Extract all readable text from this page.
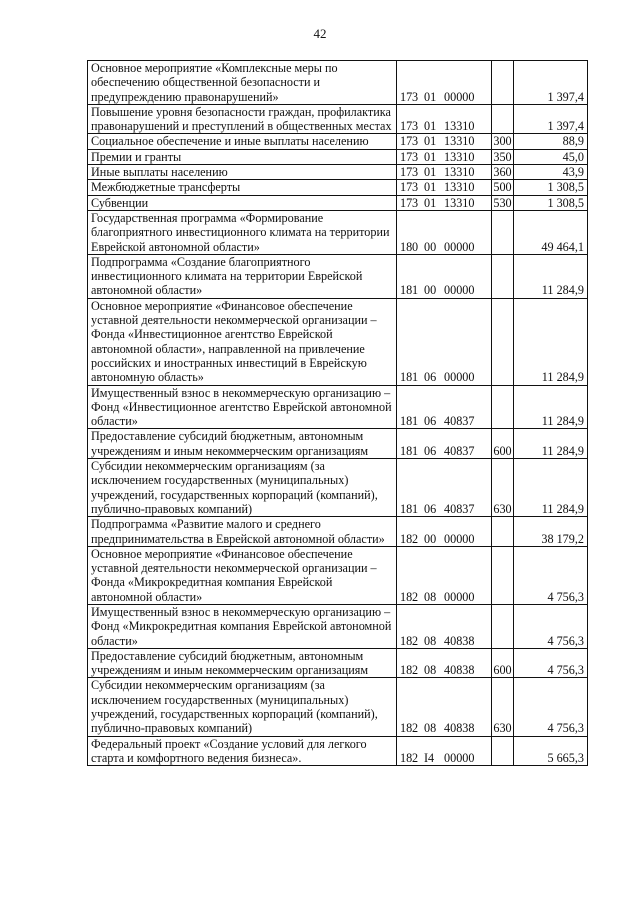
42
Основное мероприятие «Комплексные меры по обеспечению общественной безопасности и предупреждению правонарушений»	173 01 00000		1 397,4
Повышение уровня безопасности граждан, профилактика правонарушений и преступлений в общественных местах	173 01 13310		1 397,4
Социальное обеспечение и иные выплаты населению	173 01 13310	300	88,9
Премии и гранты	173 01 13310	350	45,0
Иные выплаты населению	173 01 13310	360	43,9
Межбюджетные трансферты	173 01 13310	500	1 308,5
Субвенции	173 01 13310	530	1 308,5
Государственная программа «Формирование благоприятного инвестиционного климата на территории Еврейской автономной области»	180 00 00000		49 464,1
Подпрограмма «Создание благоприятного инвестиционного климата на территории Еврейской автономной области»	181 00 00000		11 284,9
Основное мероприятие «Финансовое обеспечение уставной деятельности некоммерческой организации – Фонда «Инвестиционное агентство Еврейской автономной области», направленной на привлечение российских и иностранных инвестиций в Еврейскую автономную область»	181 06 00000		11 284,9
Имущественный взнос в некоммерческую организацию – Фонд «Инвестиционное агентство Еврейской автономной области»	181 06 40837		11 284,9
Предоставление субсидий бюджетным, автономным учреждениям и иным некоммерческим организациям	181 06 40837	600	11 284,9
Субсидии некоммерческим организациям (за исключением государственных (муниципальных) учреждений, государственных корпораций (компаний), публично-правовых компаний)	181 06 40837	630	11 284,9
Подпрограмма «Развитие малого и среднего предпринимательства в Еврейской автономной области»	182 00 00000		38 179,2
Основное мероприятие «Финансовое обеспечение уставной деятельности некоммерческой организации – Фонда «Микрокредитная компания Еврейской автономной области»	182 08 00000		4 756,3
Имущественный взнос в некоммерческую организацию – Фонд «Микрокредитная компания Еврейской автономной области»	182 08 40838		4 756,3
Предоставление субсидий бюджетным, автономным учреждениям и иным некоммерческим организациям	182 08 40838	600	4 756,3
Субсидии некоммерческим организациям (за исключением государственных (муниципальных) учреждений, государственных корпораций (компаний), публично-правовых компаний)	182 08 40838	630	4 756,3
Федеральный проект «Создание условий для легкого старта и комфортного ведения бизнеса».	182 I4 00000		5 665,3
